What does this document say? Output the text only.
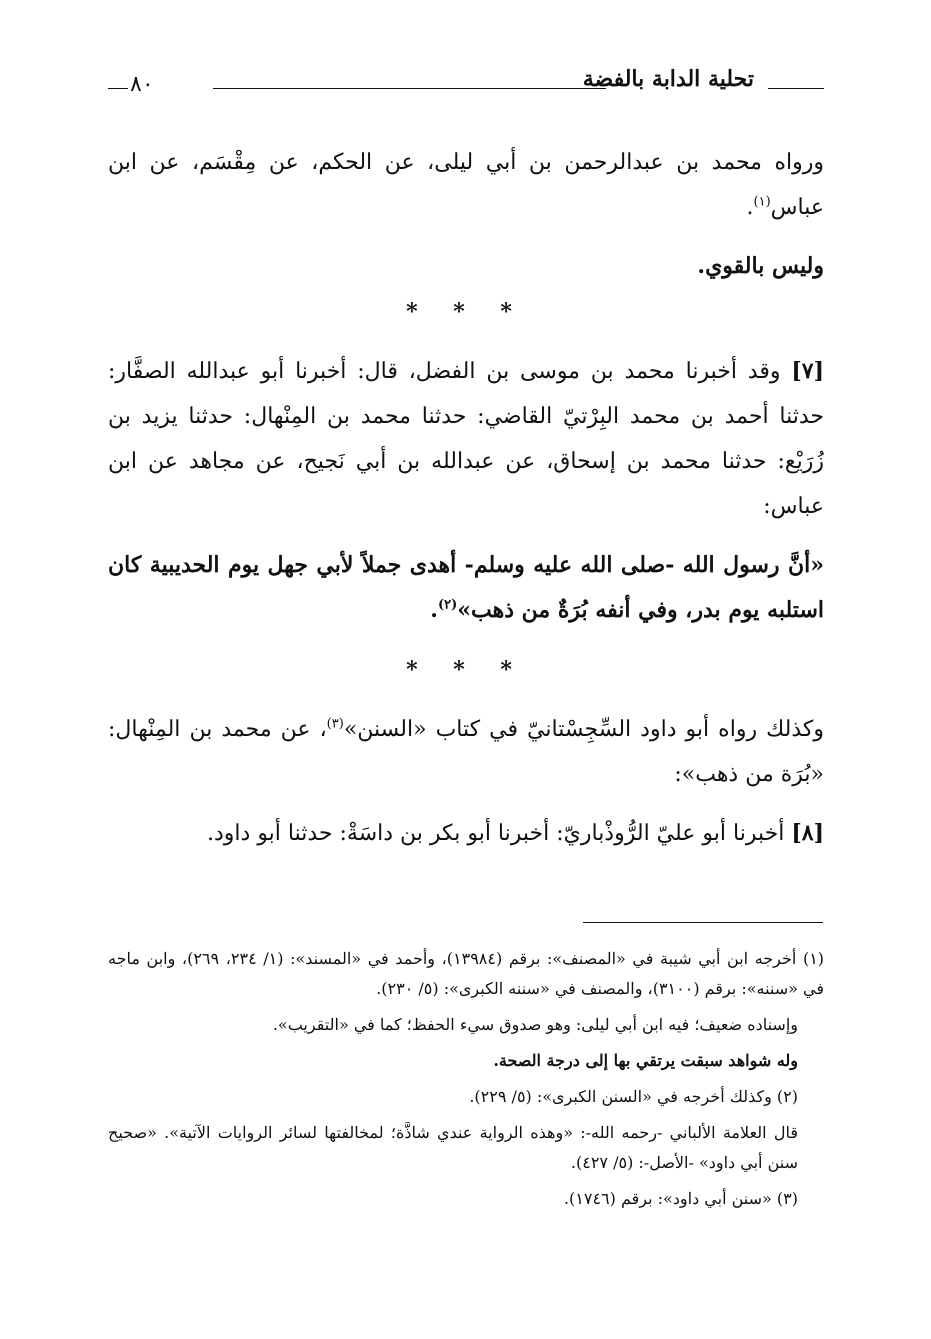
تحلية الدابة بالفضة
٨٠

ورواه محمد بن عبدالرحمن بن أبي ليلى، عن الحكم، عن مِقْسَم، عن ابن عباس$^{(١)}$.

وليس بالقوي.

* * *

[٧] وقد أخبرنا محمد بن موسى بن الفضل، قال: أخبرنا أبو عبدالله الصفَّار: حدثنا أحمد بن محمد البِرْتيّ القاضي: حدثنا محمد بن المِنْهال: حدثنا يزيد بن زُرَيْع: حدثنا محمد بن إسحاق، عن عبدالله بن أبي نَجيح، عن مجاهد عن ابن عباس:

«أنَّ رسول الله -صلى الله عليه وسلم- أهدى جملاً لأبي جهل يوم الحديبية كان استلبه يوم بدر، وفي أنفه بُرَةٌ من ذهب»$^{(٢)}$.

* * *

وكذلك رواه أبو داود السِّجِسْتانيّ في كتاب «السنن»$^{(٣)}$، عن محمد بن المِنْهال: «بُرَة من ذهب»:

[٨] أخبرنا أبو عليّ الرُّوذْباريّ: أخبرنا أبو بكر بن داسَةْ: حدثنا أبو داود.

(١) أخرجه ابن أبي شيبة في «المصنف»: برقم (١٣٩٨٤)، وأحمد في «المسند»: (١/ ٢٣٤، ٢٦٩)، وابن ماجه في «سننه»: برقم (٣١٠٠)، والمصنف في «سننه الكبرى»: (٥/ ٢٣٠).

وإسناده ضعيف؛ فيه ابن أبي ليلى: وهو صدوق سيء الحفظ؛ كما في «التقريب».

وله شواهد سبقت يرتقي بها إلى درجة الصحة.

(٢) وكذلك أخرجه في «السنن الكبرى»: (٥/ ٢٢٩).

قال العلامة الألباني -رحمه الله-: «وهذه الرواية عندي شاذَّة؛ لمخالفتها لسائر الروايات الآتية». «صحيح سنن أبي داود» -الأصل-: (٥/ ٤٢٧).

(٣) «سنن أبي داود»: برقم (١٧٤٦).
